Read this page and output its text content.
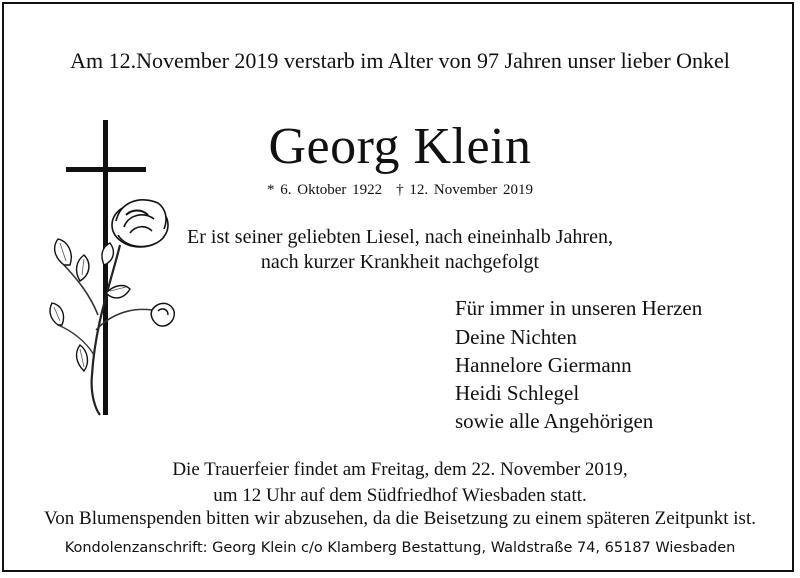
Am 12.November 2019 verstarb im Alter von 97 Jahren unser lieber Onkel
Georg Klein
* 6. Oktober 1922 † 12. November 2019
Er ist seiner geliebten Liesel, nach eineinhalb Jahren,
nach kurzer Krankheit nachgefolgt
Für immer in unseren Herzen
Deine Nichten
Hannelore Giermann
Heidi Schlegel
sowie alle Angehörigen
Die Trauerfeier findet am Freitag, dem 22. November 2019,
um 12 Uhr auf dem Südfriedhof Wiesbaden statt.
Von Blumenspenden bitten wir abzusehen, da die Beisetzung zu einem späteren Zeitpunkt ist.
Kondolenzanschrift: Georg Klein c/o Klamberg Bestattung, Waldstraße 74, 65187 Wiesbaden
